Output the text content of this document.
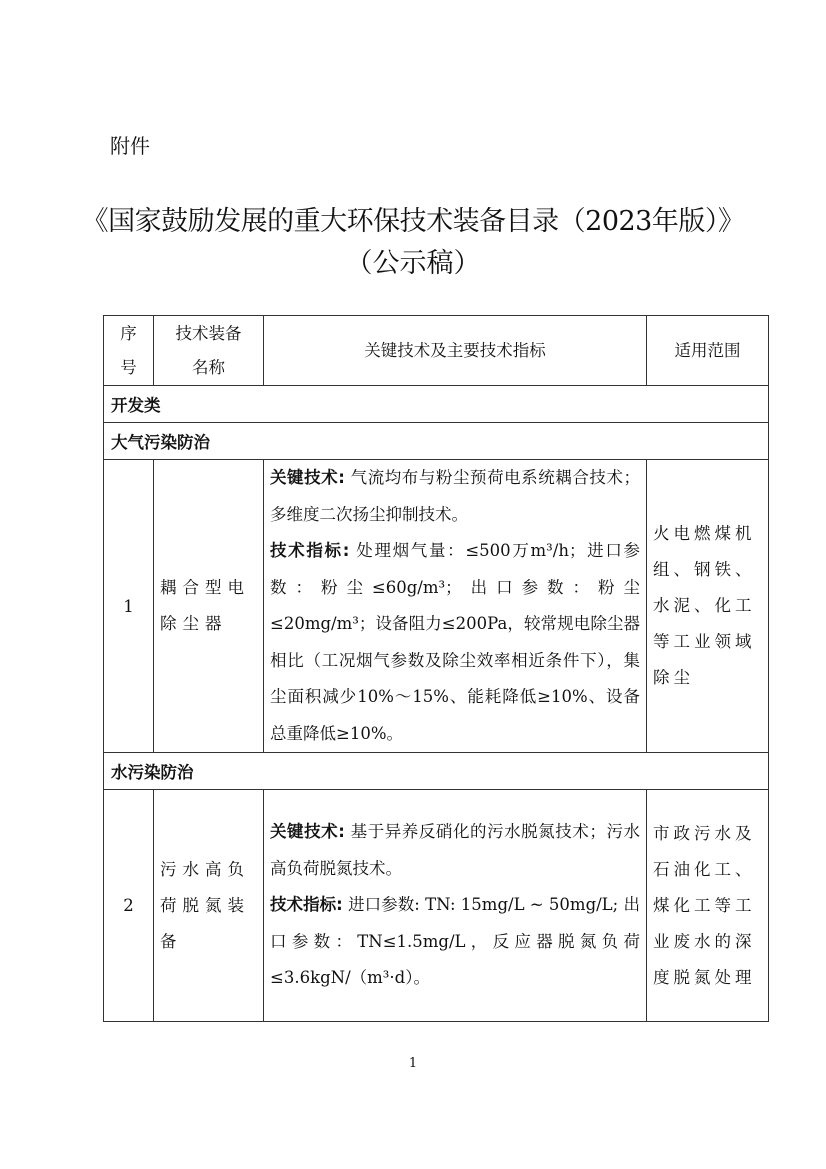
附件
《国家鼓励发展的重大环保技术装备目录（2023年版）》
（公示稿）
序号	技术装备名称	关键技术及主要技术指标	适用范围
开发类			
大气污染防治			
1	耦合型电除尘器	关键技术: 气流均布与粉尘预荷电系统耦合技术；多维度二次扬尘抑制技术。
技术指标: 处理烟气量：≤500万m³/h；进口参数：粉尘≤60g/m³；出口参数：粉尘≤20mg/m³；设备阻力≤200Pa，较常规电除尘器相比（工况烟气参数及除尘效率相近条件下），集尘面积减少10%～15%、能耗降低≥10%、设备总重降低≥10%。	火电燃煤机组、钢铁、水泥、化工等工业领域除尘
水污染防治			
2	污水高负荷脱氮装备	关键技术: 基于异养反硝化的污水脱氮技术；污水高负荷脱氮技术。
技术指标: 进口参数: TN: 15mg/L ~ 50mg/L; 出口参数：TN≤1.5mg/L，反应器脱氮负荷≤3.6kgN/（m³·d）。	市政污水及石油化工、煤化工等工业废水的深度脱氮处理
1
